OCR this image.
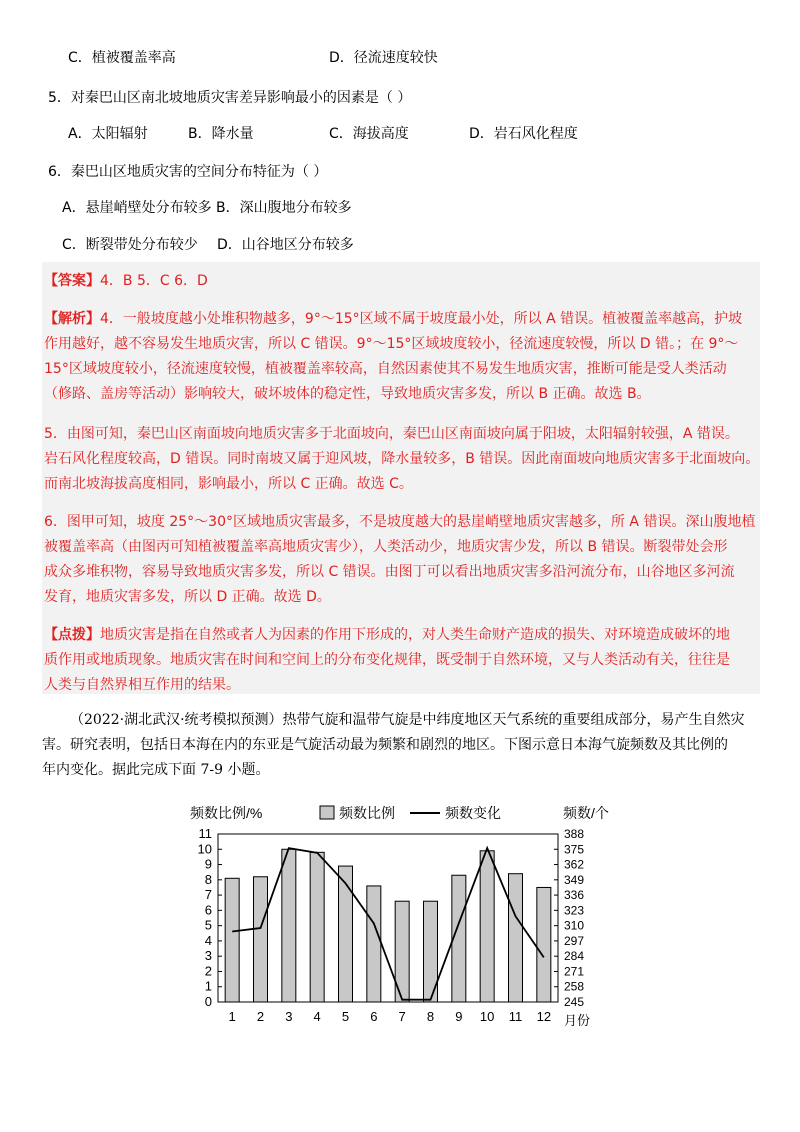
C．植被覆盖率高	D．径流速度较快
5．对秦巴山区南北坡地质灾害差异影响最小的因素是（ ）
A．太阳辐射	B．降水量	C．海拔高度	D．岩石风化程度
6．秦巴山区地质灾害的空间分布特征为（ ）
A．悬崖峭壁处分布较多 B．深山腹地分布较多
C．断裂带处分布较少 D．山谷地区分布较多
【答案】4．B 5．C 6．D
【解析】4．一般坡度越小处堆积物越多，9°～15°区域不属于坡度最小处，所以 A 错误。植被覆盖率越高，护坡
作用越好，越不容易发生地质灾害，所以 C 错误。9°～15°区域坡度较小，径流速度较慢，所以 D 错。；在 9°～
15°区域坡度较小，径流速度较慢，植被覆盖率较高，自然因素使其不易发生地质灾害，推断可能是受人类活动
（修路、盖房等活动）影响较大，破坏坡体的稳定性，导致地质灾害多发，所以 B 正确。故选 B。
5．由图可知，秦巴山区南面坡向地质灾害多于北面坡向，秦巴山区南面坡向属于阳坡，太阳辐射较强，A 错误。
岩石风化程度较高，D 错误。同时南坡又属于迎风坡，降水量较多，B 错误。因此南面坡向地质灾害多于北面坡向。
而南北坡海拔高度相同，影响最小，所以 C 正确。故选 C。
6．图甲可知，坡度 25°～30°区域地质灾害最多，不是坡度越大的悬崖峭壁地质灾害越多，所 A 错误。深山腹地植
被覆盖率高（由图丙可知植被覆盖率高地质灾害少），人类活动少，地质灾害少发，所以 B 错误。断裂带处会形
成众多堆积物，容易导致地质灾害多发，所以 C 错误。由图丁可以看出地质灾害多沿河流分布，山谷地区多河流
发育，地质灾害多发，所以 D 正确。故选 D。
【点拨】地质灾害是指在自然或者人为因素的作用下形成的，对人类生命财产造成的损失、对环境造成破坏的地
质作用或地质现象。地质灾害在时间和空间上的分布变化规律，既受制于自然环境，又与人类活动有关，往往是
人类与自然界相互作用的结果。
（2022·湖北武汉·统考模拟预测）热带气旋和温带气旋是中纬度地区天气系统的重要组成部分，易产生自然灾
害。研究表明，包括日本海在内的东亚是气旋活动最为频繁和剧烈的地区。下图示意日本海气旋频数及其比例的
年内变化。据此完成下面 7-9 小题。
频数比例/%	频数/个
频数比例	频数变化
月份
0
1
2
3
4
5
6
7
8
9
10
11
245
258
271
284
297
310
323
336
349
362
375
388
1 2 3 4 5 6 7 8 9 10 11 12
